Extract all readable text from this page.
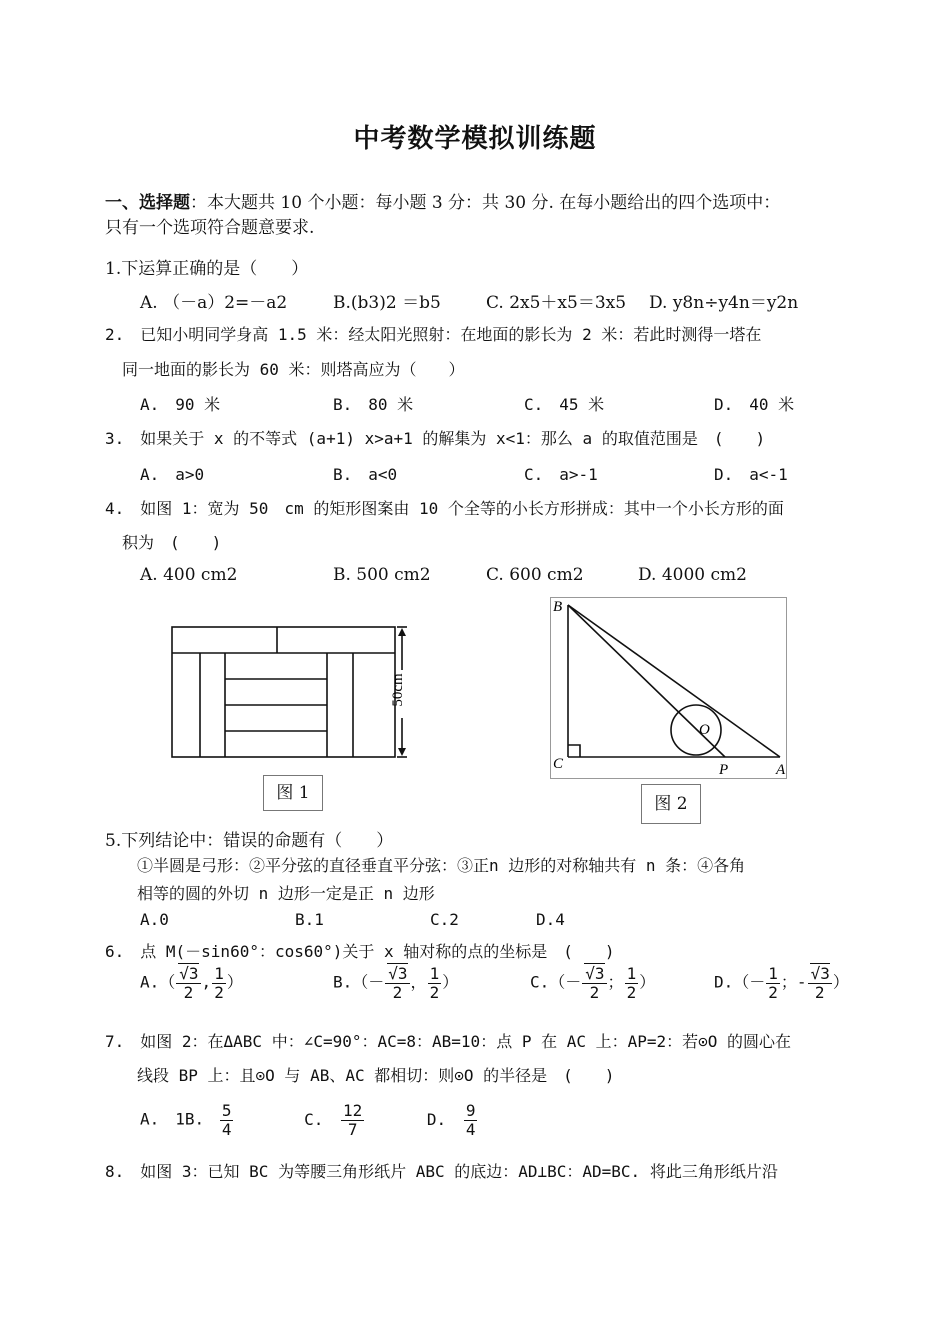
中考数学模拟训练题
一、选择题：本大题共 10 个小题：每小题 3 分：共 30 分. 在每小题给出的四个选项中：
只有一个选项符合题意要求.
1.下运算正确的是（　　）
A. （－a）2=－a2	B.(b3)2 ＝b5	C. 2x5＋x5＝3x5 D. y8n÷y4n＝y2n
2.　已知小明同学身高 1.5 米：经太阳光照射：在地面的影长为 2 米：若此时测得一塔在
同一地面的影长为 60 米：则塔高应为（　　）
A.　90 米	B.　80 米	C.　45 米	D.　40 米
3.　如果关于 x 的不等式 (a+1) x>a+1 的解集为 x<1：那么 a 的取值范围是　(　　)
A.　a>0	B.　a<0	C.　a>-1	D.　a<-1
4.　如图 1：宽为 50　cm 的矩形图案由 10 个全等的小长方形拼成：其中一个小长方形的面
积为　(　　)
A. 400 cm2	B. 500 cm2	C. 600 cm2	D. 4000 cm2
50cm
图 1
B
C	A
P
O
图 2
5.下列结论中：错误的命题有（　　）
①半圆是弓形：②平分弦的直径垂直平分弦：③正n 边形的对称轴共有 n 条：④各角
相等的圆的外切 n 边形一定是正 n 边形
A.0	B.1	C.2	D.4
6.　点 M(－sin60°：cos60°)关于 x 轴对称的点的坐标是　(　　)
$A.( \frac{√3}{2}$ , $\frac{1}{2}$ ）	$B.(- \frac{√3}{2}$ ， $\frac{1}{2}$ ）	$C.(- \frac{√3}{2}$ ； $\frac{1}{2}$ ）	$D.(- \frac{1}{2}$ ；- $\frac{√3}{2}$ ）
7.　如图 2：在ΔABC 中：∠C=90°：AC=8：AB=10：点 P 在 AC 上：AP=2：若⊙O 的圆心在
线段 BP 上：且⊙O 与 AB、AC 都相切：则⊙O 的半径是　(　　)
A.　1B. $\frac{5}{4}$	C. $\frac{12}{7}$	D. $\frac{9}{4}$
8.　如图 3：已知 BC 为等腰三角形纸片 ABC 的底边：AD⊥BC：AD=BC. 将此三角形纸片沿
